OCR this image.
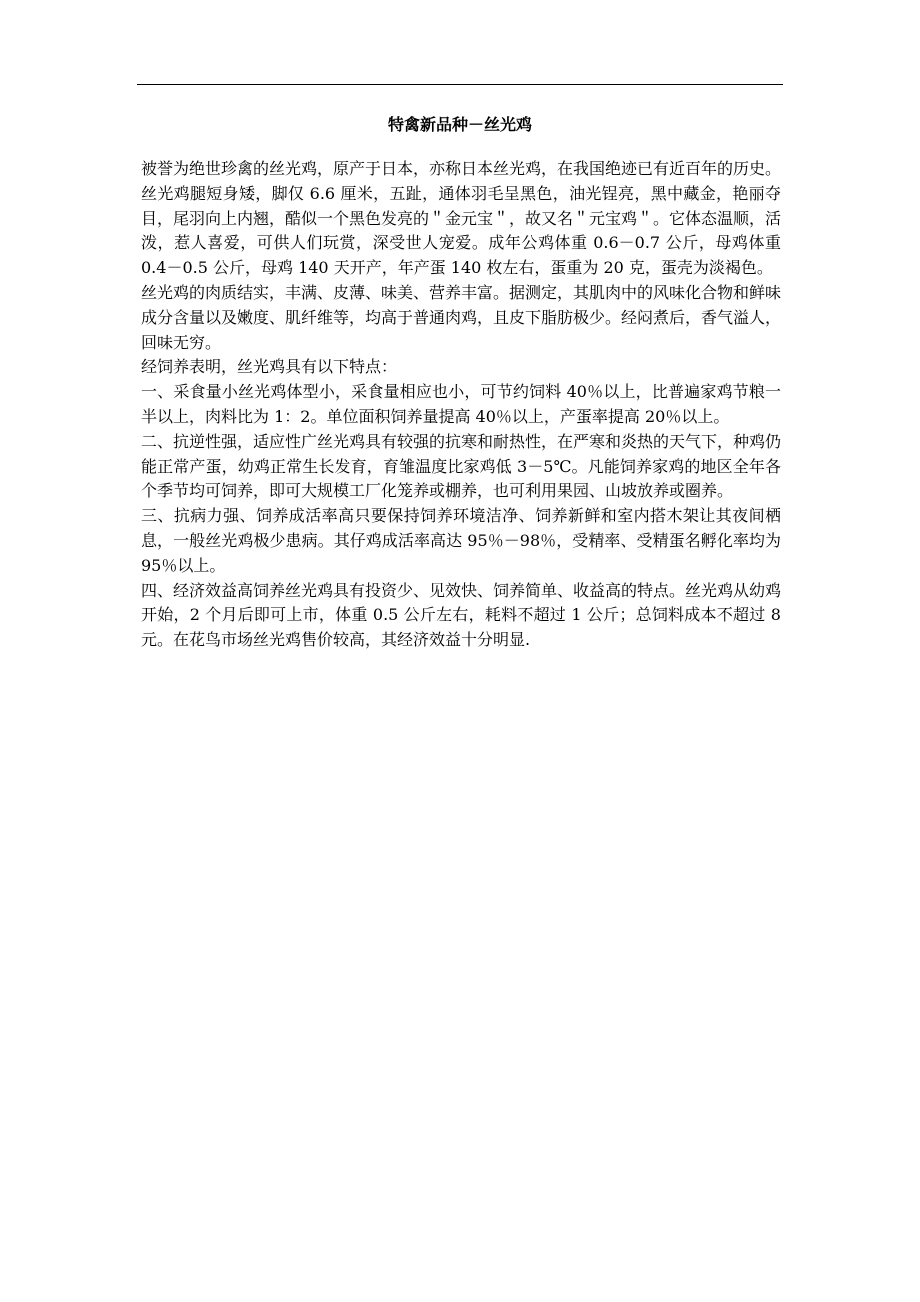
特禽新品种－丝光鸡

被誉为绝世珍禽的丝光鸡，原产于日本，亦称日本丝光鸡，在我国绝迹已有近百年的历史。

丝光鸡腿短身矮，脚仅 6.6 厘米，五趾，通体羽毛呈黑色，油光锃亮，黑中藏金，艳丽夺目，尾羽向上内翘，酷似一个黑色发亮的＂金元宝＂，故又名＂元宝鸡＂。它体态温顺，活泼，惹人喜爱，可供人们玩赏，深受世人宠爱。成年公鸡体重 0.6－0.7 公斤，母鸡体重 0.4－0.5 公斤，母鸡 140 天开产，年产蛋 140 枚左右，蛋重为 20 克，蛋壳为淡褐色。

丝光鸡的肉质结实，丰满、皮薄、味美、营养丰富。据测定，其肌肉中的风味化合物和鲜味成分含量以及嫩度、肌纤维等，均高于普通肉鸡，且皮下脂肪极少。经闷煮后，香气溢人，回味无穷。

经饲养表明，丝光鸡具有以下特点：

一、采食量小丝光鸡体型小，采食量相应也小，可节约饲料 40％以上，比普遍家鸡节粮一半以上，肉料比为 1：2。单位面积饲养量提高 40％以上，产蛋率提高 20％以上。

二、抗逆性强，适应性广丝光鸡具有较强的抗寒和耐热性，在严寒和炎热的天气下，种鸡仍能正常产蛋，幼鸡正常生长发育，育雏温度比家鸡低 3－5℃。凡能饲养家鸡的地区全年各个季节均可饲养，即可大规模工厂化笼养或棚养，也可利用果园、山坡放养或圈养。

三、抗病力强、饲养成活率高只要保持饲养环境洁净、饲养新鲜和室内搭木架让其夜间栖息，一般丝光鸡极少患病。其仔鸡成活率高达 95％－98％，受精率、受精蛋名孵化率均为 95％以上。

四、经济效益高饲养丝光鸡具有投资少、见效快、饲养简单、收益高的特点。丝光鸡从幼鸡开始，2 个月后即可上市，体重 0.5 公斤左右，耗料不超过 1 公斤；总饲料成本不超过 8 元。在花鸟市场丝光鸡售价较高，其经济效益十分明显.
